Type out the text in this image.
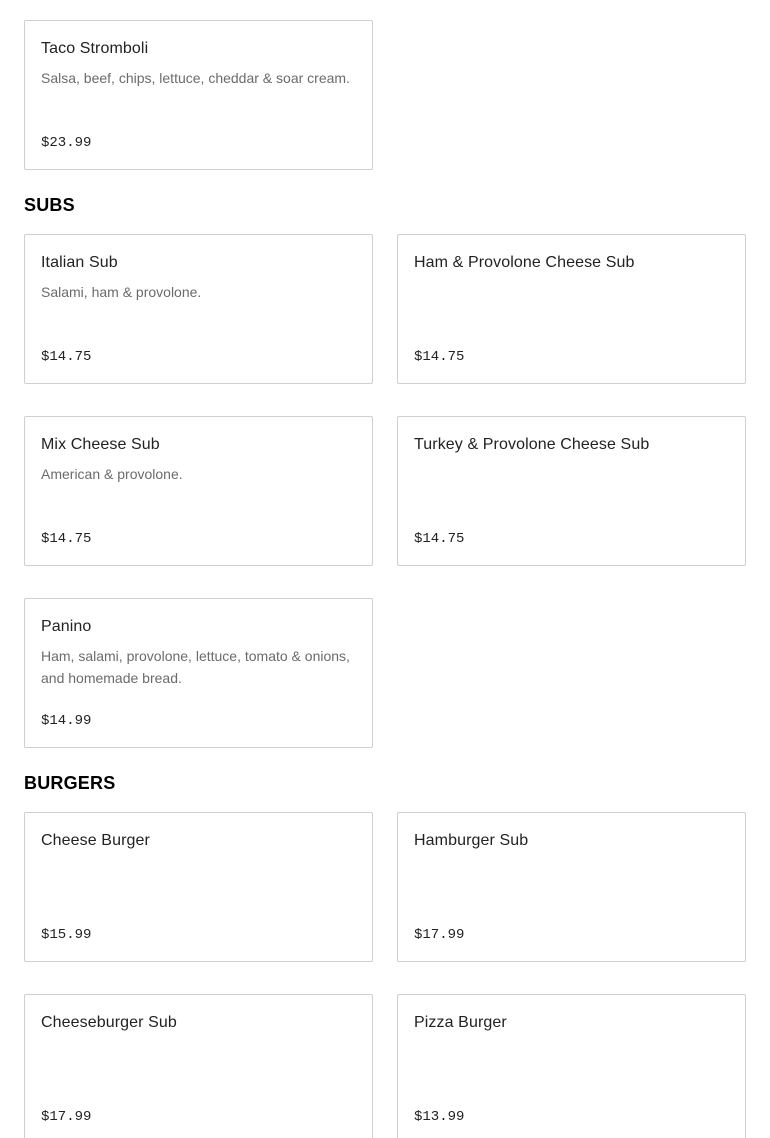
Taco Stromboli
Salsa, beef, chips, lettuce, cheddar & soar cream.
$23.99
SUBS
Italian Sub
Salami, ham & provolone.
$14.75
Ham & Provolone Cheese Sub
$14.75
Mix Cheese Sub
American & provolone.
$14.75
Turkey & Provolone Cheese Sub
$14.75
Panino
Ham, salami, provolone, lettuce, tomato & onions, and homemade bread.
$14.99
BURGERS
Cheese Burger
$15.99
Hamburger Sub
$17.99
Cheeseburger Sub
$17.99
Pizza Burger
$13.99
